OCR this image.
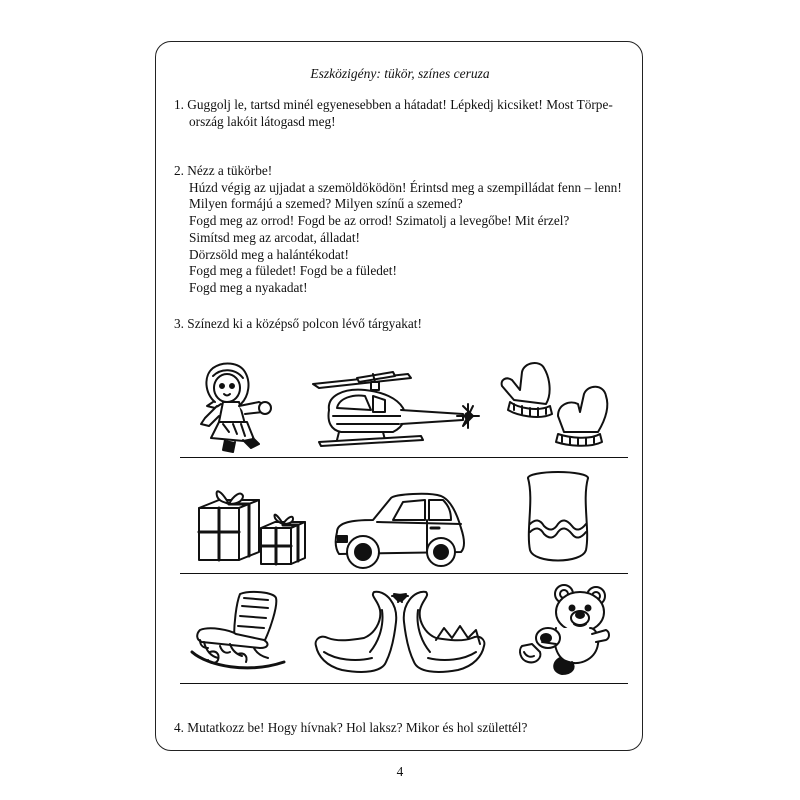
Eszközigény: tükör, színes ceruza

1. Guggolj le, tartsd minél egyenesebben a hátadat! Lépkedj kicsiket! Most Törpe-

ország lakóit látogasd meg!

2. Nézz a tükörbe!

Húzd végig az ujjadat a szemöldöködön! Érintsd meg a szempilládat fenn – lenn!

Milyen formájú a szemed? Milyen színű a szemed?

Fogd meg az orrod! Fogd be az orrod! Szimatolj a levegőbe! Mit érzel?

Simítsd meg az arcodat, álladat!

Dörzsöld meg a halántékodat!

Fogd meg a füledet! Fogd be a füledet!

Fogd meg a nyakadat!

3. Színezd ki a középső polcon lévő tárgyakat!
4. Mutatkozz be! Hogy hívnak? Hol laksz? Mikor és hol születtél?
4
